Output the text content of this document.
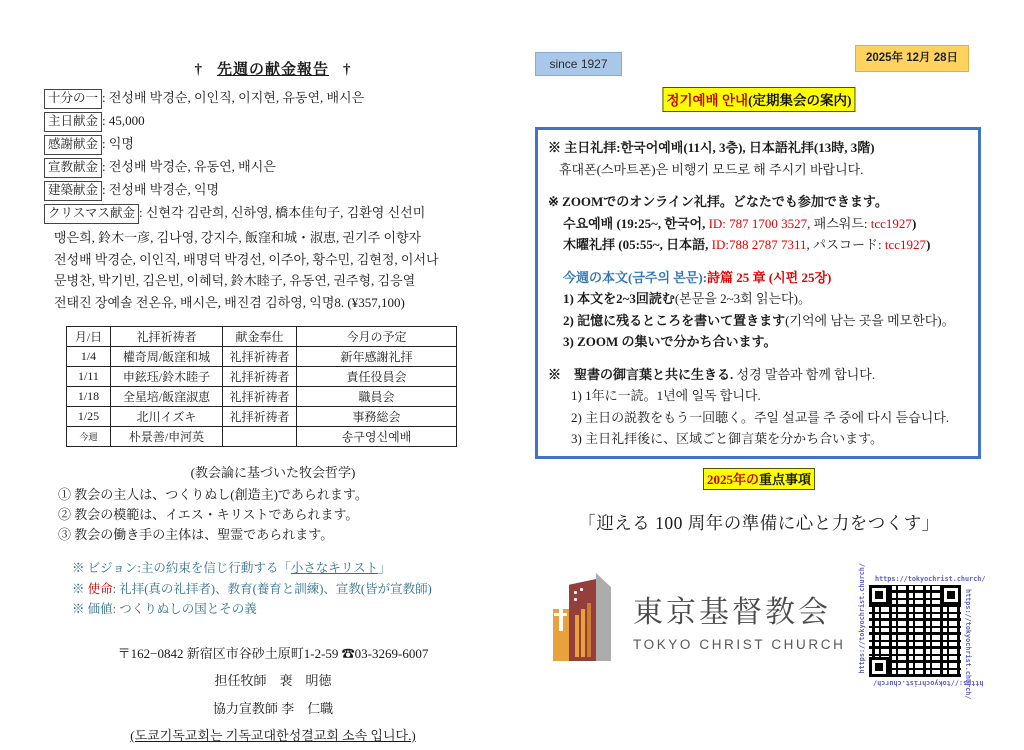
† 先週の献金報告 †
十分の一 : 전성배 박경순, 이인직, 이지현, 유동연, 배시은
主日献金 : 45,000
感謝献金 : 익명
宣教献金 : 전성배 박경순, 유동연, 배시은
建築献金 : 전성배 박경순, 익명
クリスマス献金 : 신현각 김란희, 신하영, 橋本佳句子, 김환영 신선미
맹은희, 鈴木一彦, 김나영, 강지수, 飯窪和城・淑恵, 권기주 이향자
전성배 박경순, 이인직, 배명덕 박경선, 이주아, 황수민, 김현정, 이서나
문병찬, 박기빈, 김은빈, 이혜덕, 鈴木睦子, 유동연, 권주형, 김응열
전태진 장예솔 전온유, 배시은, 배진겸 김하영, 익명8. (¥357,100)
月/日	礼拝祈祷者	献金奉仕	今月の予定
1/4	權奇周/飯窪和城	礼拝祈祷者	新年感謝礼拝
1/11	申鉉珏/鈴木睦子	礼拝祈祷者	責任役員会
1/18	全星培/飯窪淑恵	礼拝祈祷者	職員会
1/25	北川イズキ	礼拝祈祷者	事務総会
今週	朴景善/申河英		송구영신예배
(教会論に基づいた牧会哲学)
① 教会の主人は、つくりぬし(創造主)であられます。
② 教会の模範は、イエス・キリストであられます。
③ 教会の働き手の主体は、聖霊であられます。
※ ビジョン:主の約束を信じ行動する「小さなキリスト」
※ 使命: 礼拝(真の礼拝者)、教育(養育と訓練)、宣教(皆が宣教師)
※ 価値: つくりぬしの国とその義
〒162−0842 新宿区市谷砂土原町1-2-59 ☎03-3269-6007
担任牧師　裵　明徳
協力宣教師 李　仁職
(도쿄기독교회는 기독교대한성결교회 소속 입니다.)
since 1927	2025年 12月 28日
정기예배 안내(定期集会の案内)
※ 主日礼拝:한국어예배(11시, 3층), 日本語礼拝(13時, 3階)
휴대폰(스마트폰)은 비행기 모드로 해 주시기 바랍니다.
※ ZOOMでのオンライン礼拝。どなたでも参加できます。
수요예배 (19:25~, 한국어, ID: 787 1700 3527, 패스워드: tcc1927)
木曜礼拝 (05:55~, 日本語, ID:788 2787 7311, パスコード: tcc1927)
今週の本文(금주의 본문):詩篇 25 章 (시편 25장)
1) 本文を2~3回読む(본문을 2~3회 읽는다)。
2) 記憶に残るところを書いて置きます(기억에 남는 곳을 메모한다)。
3) ZOOM の集いで分かち合います。
※　聖書の御言葉と共に生きる. 성경 말씀과 함께 합니다.
1) 1年に一読。1년에 일독 합니다.
2) 主日の説教をもう一回聴く。주일 설교를 주 중에 다시 듣습니다.
3) 主日礼拝後に、区域ごと御言葉を分かち合います。
2025年の重点事項
「迎える 100 周年の準備に心と力をつくす」
東京基督教会
TOKYO CHRIST CHURCH
https://tokyochrist.church/
https://tokyochrist.church/
https://tokyochrist.church/
https://tokyochrist.church/
